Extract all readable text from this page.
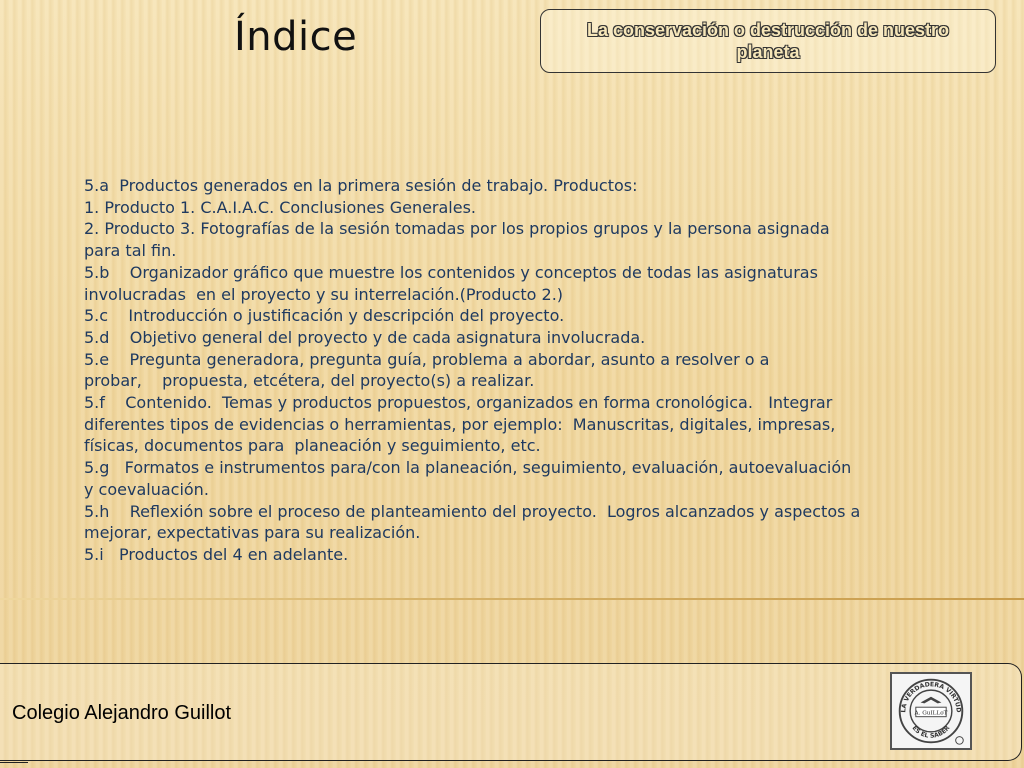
Índice	La conservación o destrucción de nuestro planeta
5.a  Productos generados en la primera sesión de trabajo. Productos:
1. Producto 1. C.A.I.A.C. Conclusiones Generales.
2. Producto 3. Fotografías de la sesión tomadas por los propios grupos y la persona asignada
para tal fin.
5.b    Organizador gráfico que muestre los contenidos y conceptos de todas las asignaturas
involucradas  en el proyecto y su interrelación.(Producto 2.)
5.c    Introducción o justificación y descripción del proyecto.
5.d    Objetivo general del proyecto y de cada asignatura involucrada.
5.e    Pregunta generadora, pregunta guía, problema a abordar, asunto a resolver o a
probar,    propuesta, etcétera, del proyecto(s) a realizar.
5.f    Contenido.  Temas y productos propuestos, organizados en forma cronológica.   Integrar
diferentes tipos de evidencias o herramientas, por ejemplo:  Manuscritas, digitales, impresas,
físicas, documentos para  planeación y seguimiento, etc.
5.g   Formatos e instrumentos para/con la planeación, seguimiento, evaluación, autoevaluación
y coevaluación.
5.h    Reflexión sobre el proceso de planteamiento del proyecto.  Logros alcanzados y aspectos a
mejorar, expectativas para su realización.
5.i   Productos del 4 en adelante.
Colegio Alejandro Guillot	LA VERDADERA VIRTUD
ES EL SABER
A. GuILLoT
